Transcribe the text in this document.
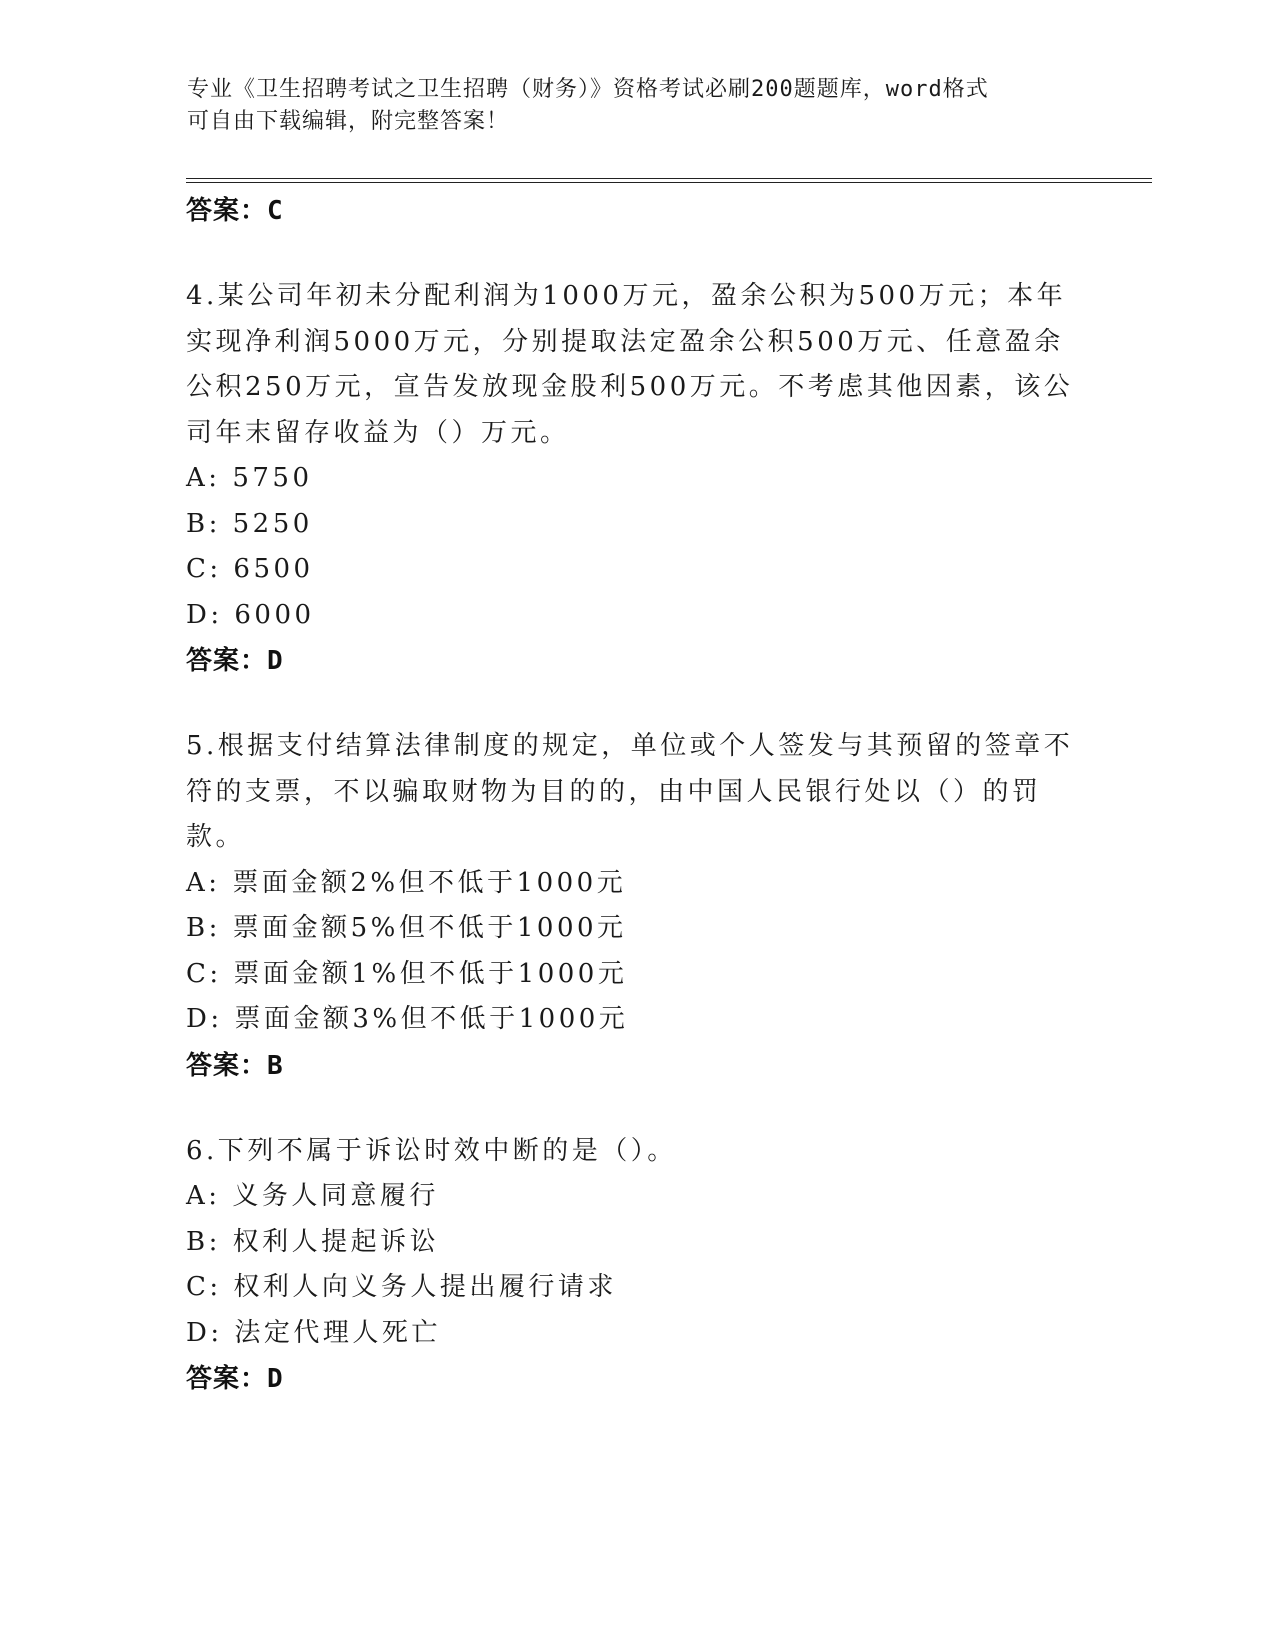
专业《卫生招聘考试之卫生招聘（财务）》资格考试必刷200题题库，word格式
可自由下载编辑，附完整答案！
答案：C

4.某公司年初未分配利润为1000万元，盈余公积为500万元；本年实现净利润5000万元，分别提取法定盈余公积500万元、任意盈余公积250万元，宣告发放现金股利500万元。不考虑其他因素，该公司年末留存收益为（）万元。

A: 5750
B: 5250
C: 6500
D: 6000
答案：D

5.根据支付结算法律制度的规定，单位或个人签发与其预留的签章不符的支票，不以骗取财物为目的的，由中国人民银行处以（）的罚款。

A: 票面金额2%但不低于1000元
B: 票面金额5%但不低于1000元
C: 票面金额1%但不低于1000元
D: 票面金额3%但不低于1000元
答案：B

6.下列不属于诉讼时效中断的是（）。

A: 义务人同意履行
B: 权利人提起诉讼
C: 权利人向义务人提出履行请求
D: 法定代理人死亡
答案：D
